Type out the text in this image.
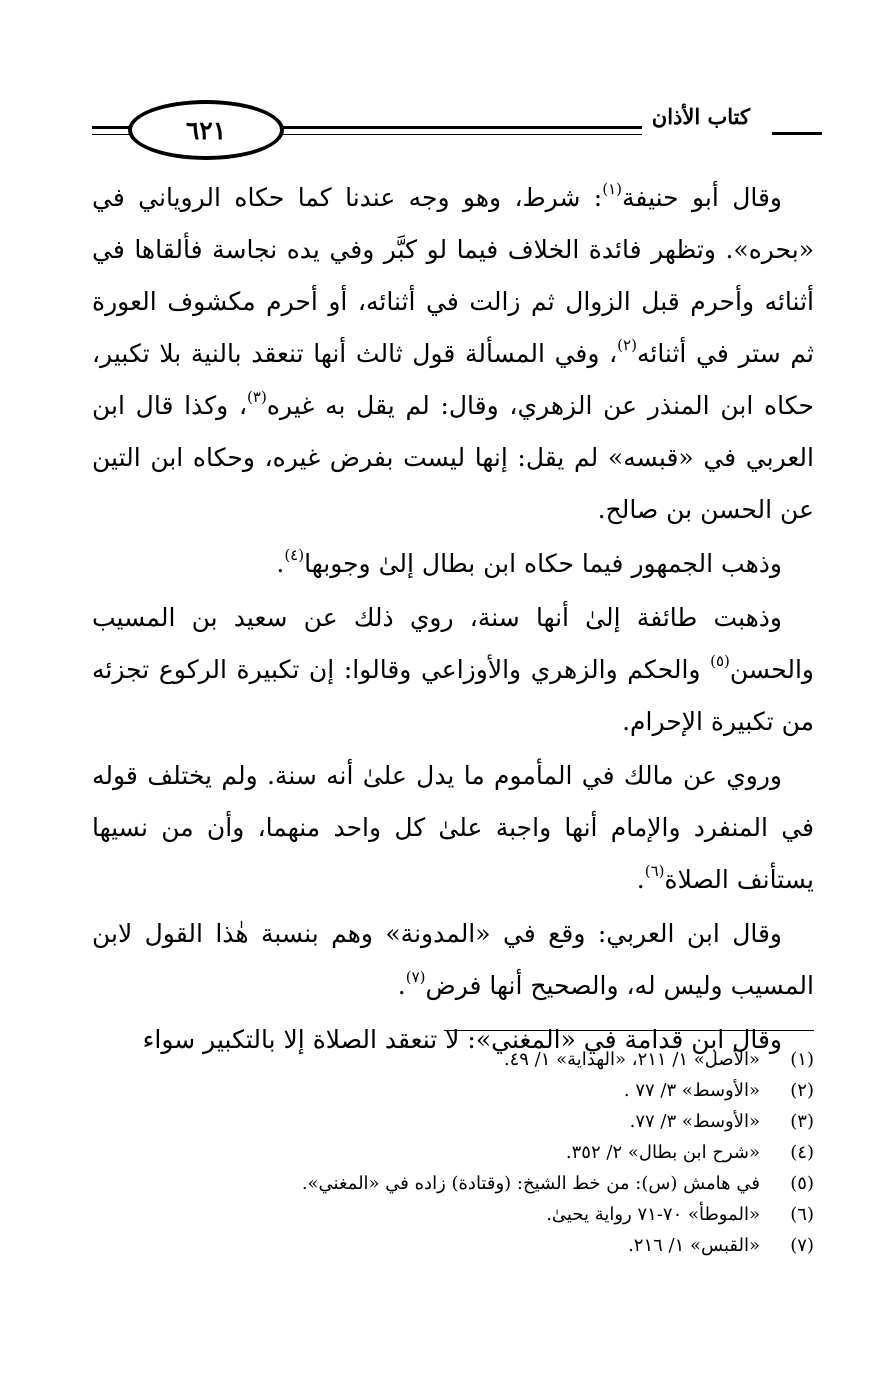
٦٢١	كتاب الأذان

وقال أبو حنيفة$^{(١)}$: شرط، وهو وجه عندنا كما حكاه الروياني في «بحره». وتظهر فائدة الخلاف فيما لو كبَّر وفي يده نجاسة فألقاها في أثنائه وأحرم قبل الزوال ثم زالت في أثنائه، أو أحرم مكشوف العورة ثم ستر في أثنائه$^{(٢)}$، وفي المسألة قول ثالث أنها تنعقد بالنية بلا تكبير، حكاه ابن المنذر عن الزهري، وقال: لم يقل به غيره$^{(٣)}$، وكذا قال ابن العربي في «قبسه» لم يقل: إنها ليست بفرض غيره، وحكاه ابن التين عن الحسن بن صالح.

وذهب الجمهور فيما حكاه ابن بطال إلىٰ وجوبها$^{(٤)}$.

وذهبت طائفة إلىٰ أنها سنة، روي ذلك عن سعيد بن المسيب والحسن$^{(٥)}$ والحكم والزهري والأوزاعي وقالوا: إن تكبيرة الركوع تجزئه من تكبيرة الإحرام.

وروي عن مالك في المأموم ما يدل علىٰ أنه سنة. ولم يختلف قوله في المنفرد والإمام أنها واجبة علىٰ كل واحد منهما، وأن من نسيها يستأنف الصلاة$^{(٦)}$.

وقال ابن العربي: وقع في «المدونة» وهم بنسبة هٰذا القول لابن المسيب وليس له، والصحيح أنها فرض$^{(٧)}$.

وقال ابن قدامة في «المغني»: لا تنعقد الصلاة إلا بالتكبير سواء

(١)
«الأصل» ١/ ٢١١، «الهداية» ١/ ٤٩.
(٢)
«الأوسط» ٣/ ٧٧ .
(٣)
«الأوسط» ٣/ ٧٧.
(٤)
«شرح ابن بطال» ٢/ ٣٥٢.
(٥)
في هامش (س): من خط الشيخ: (وقتادة) زاده في «المغني».
(٦)
«الموطأ» ٧٠-٧١ رواية يحيىٰ.
(٧)
«القبس» ١/ ٢١٦.
